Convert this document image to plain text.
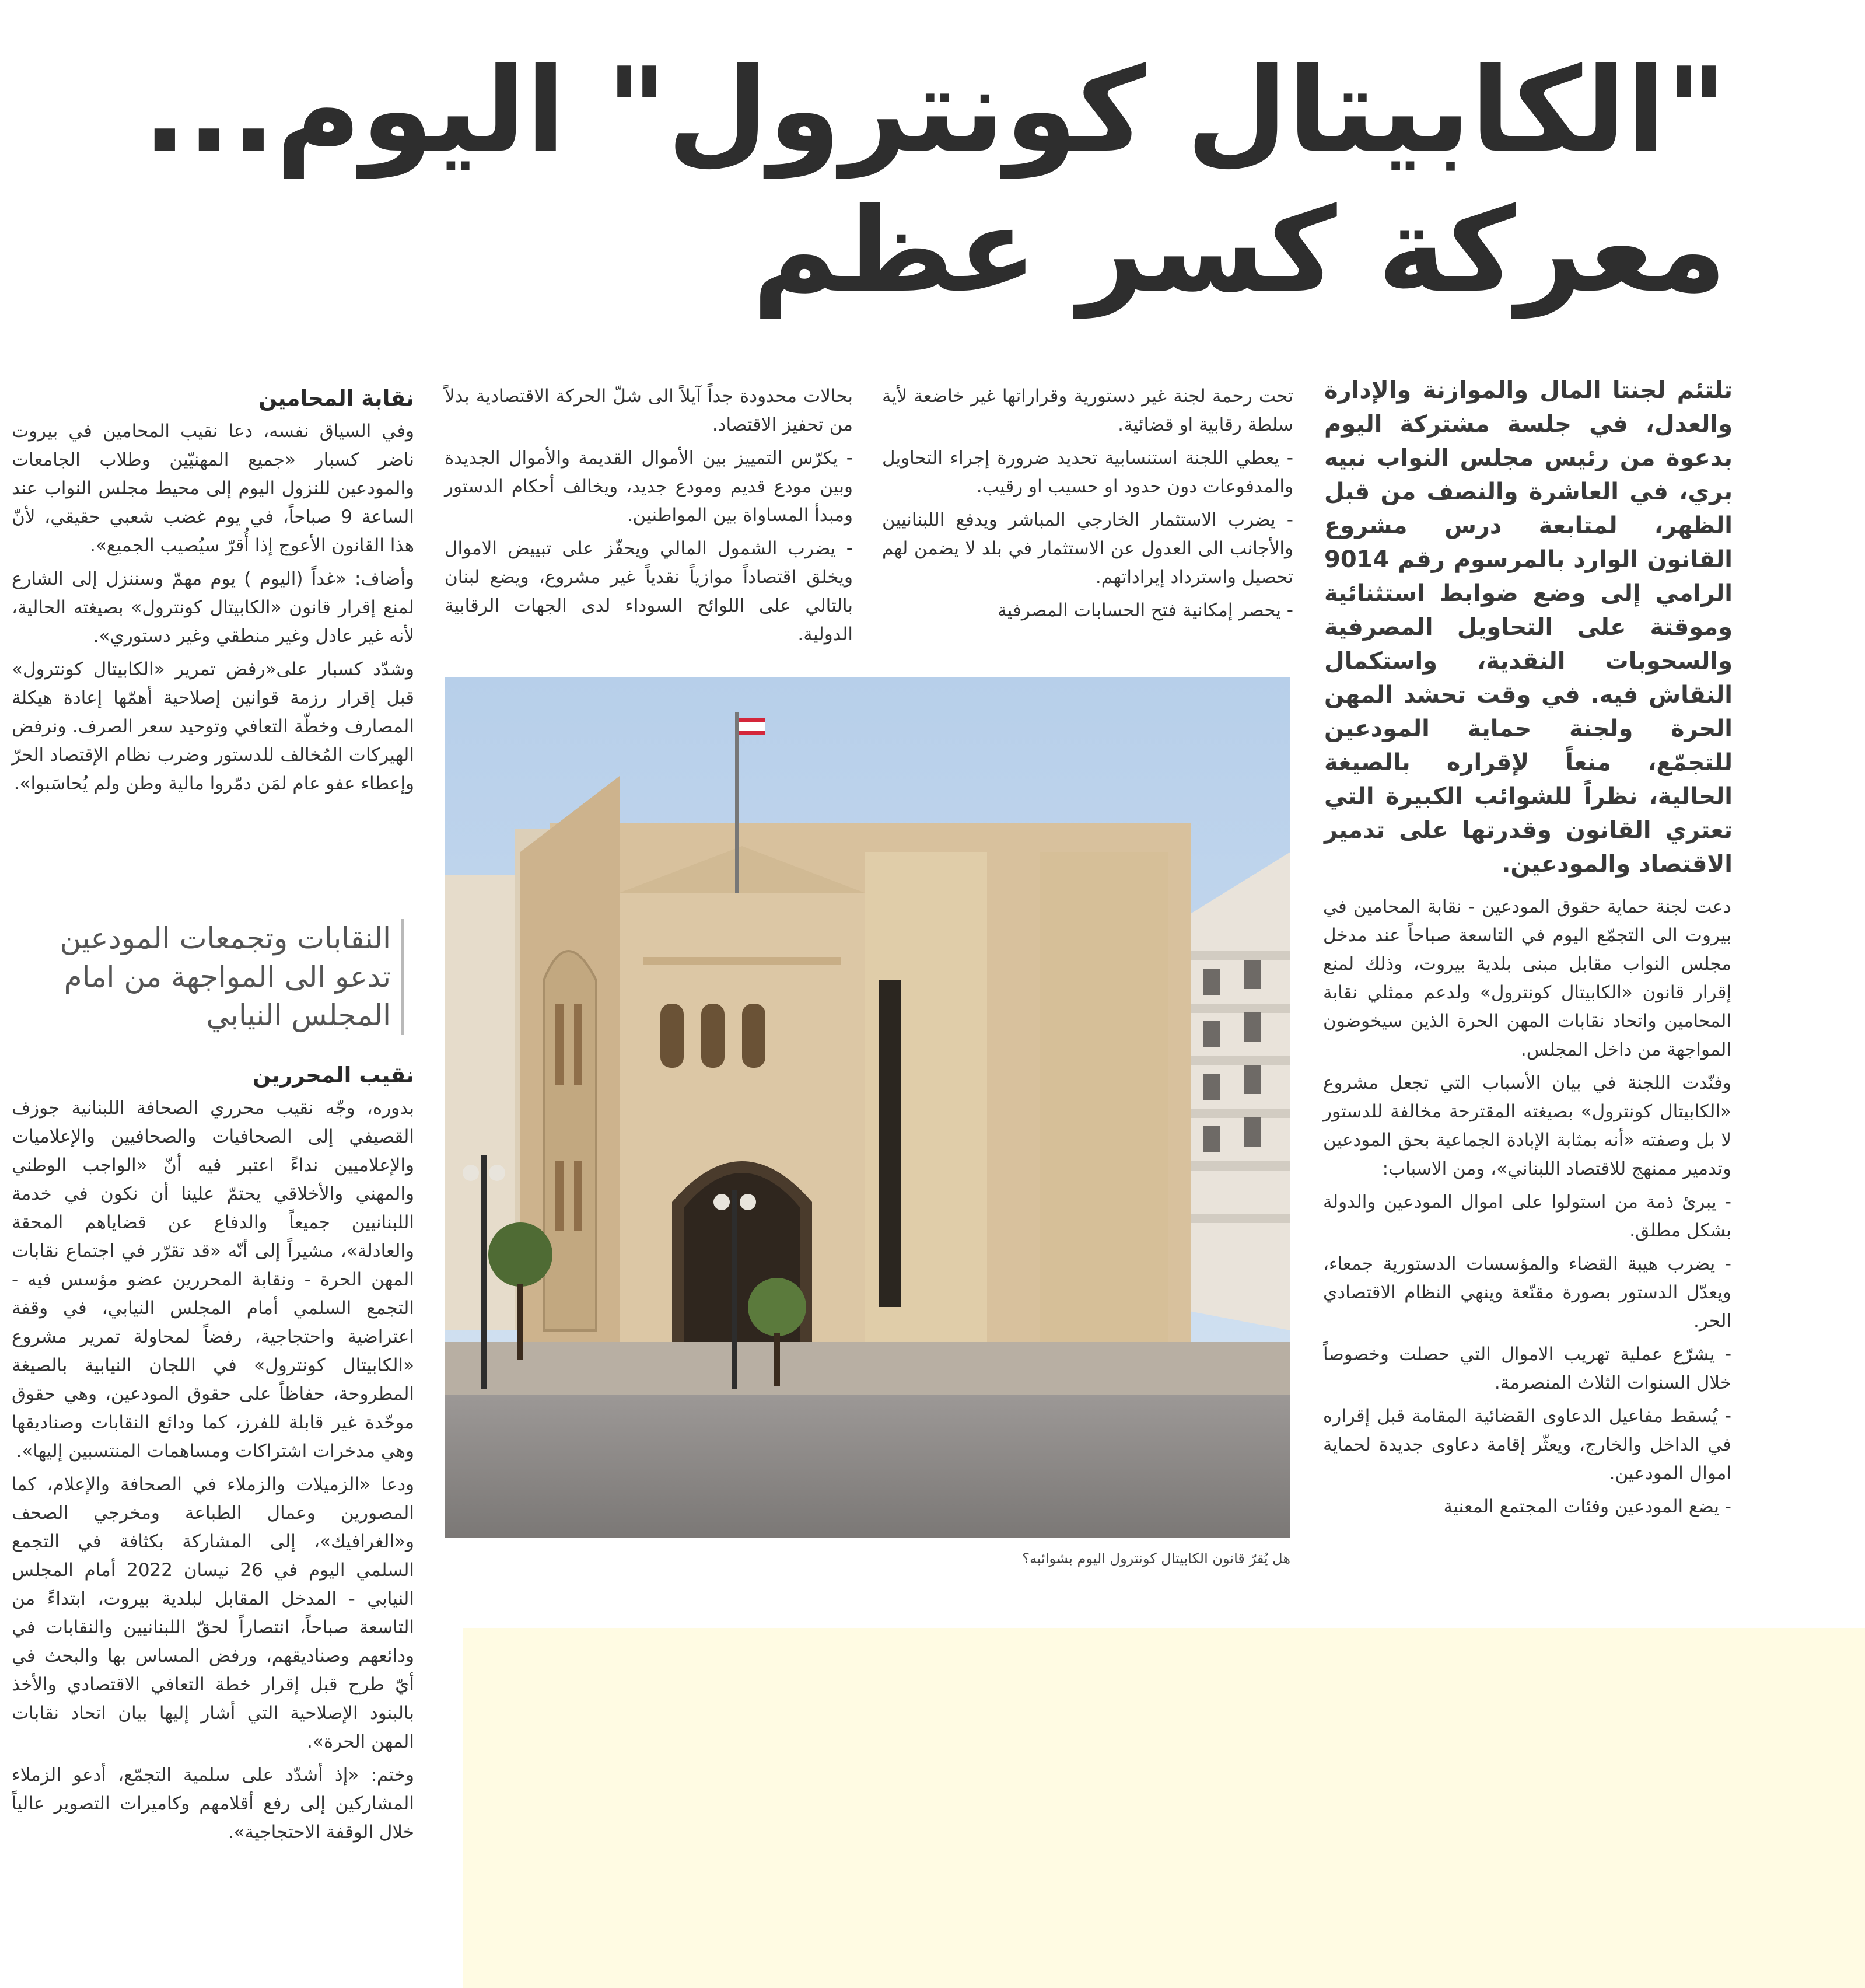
"الكابيتال كونترول" اليوم...
معركة كسر عظم

تلتئم لجنتا المال والموازنة والإدارة والعدل، في جلسة مشتركة اليوم بدعوة من رئيس مجلس النواب نبيه بري، في العاشرة والنصف من قبل الظهر، لمتابعة درس مشروع القانون الوارد بالمرسوم رقم 9014 الرامي إلى وضع ضوابط استثنائية وموقتة على التحاويل المصرفية والسحوبات النقدية، واستكمال النقاش فيه. في وقت تحشد المهن الحرة ولجنة حماية المودعين للتجمّع، منعاً لإقراره بالصيغة الحالية، نظراً للشوائب الكبيرة التي تعتري القانون وقدرتها على تدمير الاقتصاد والمودعين.

دعت لجنة حماية حقوق المودعين - نقابة المحامين في بيروت الى التجمّع اليوم في التاسعة صباحاً عند مدخل مجلس النواب مقابل مبنى بلدية بيروت، وذلك لمنع إقرار قانون «الكابيتال كونترول» ولدعم ممثلي نقابة المحامين واتحاد نقابات المهن الحرة الذين سيخوضون المواجهة من داخل المجلس.

وفنّدت اللجنة في بيان الأسباب التي تجعل مشروع «الكابيتال كونترول» بصيغته المقترحة مخالفة للدستور لا بل وصفته «أنه بمثابة الإبادة الجماعية بحق المودعين وتدمير ممنهج للاقتصاد اللبناني»، ومن الاسباب:

- يبرئ ذمة من استولوا على اموال المودعين والدولة بشكل مطلق.

- يضرب هيبة القضاء والمؤسسات الدستورية جمعاء، ويعدّل الدستور بصورة مقنّعة وينهي النظام الاقتصادي الحر.

- يشرّع عملية تهريب الاموال التي حصلت وخصوصاً خلال السنوات الثلاث المنصرمة.

- يُسقط مفاعيل الدعاوى القضائية المقامة قبل إقراره في الداخل والخارج، ويعثّر إقامة دعاوى جديدة لحماية اموال المودعين.

- يضع المودعين وفئات المجتمع المعنية

تحت رحمة لجنة غير دستورية وقراراتها غير خاضعة لأية سلطة رقابية او قضائية.

- يعطي اللجنة استنسابية تحديد ضرورة إجراء التحاويل والمدفوعات دون حدود او حسيب او رقيب.

- يضرب الاستثمار الخارجي المباشر ويدفع اللبنانيين والأجانب الى العدول عن الاستثمار في بلد لا يضمن لهم تحصيل واسترداد إيراداتهم.

- يحصر إمكانية فتح الحسابات المصرفية

بحالات محدودة جداً آيلاً الى شلّ الحركة الاقتصادية بدلاً من تحفيز الاقتصاد.

- يكرّس التمييز بين الأموال القديمة والأموال الجديدة وبين مودع قديم ومودع جديد، ويخالف أحكام الدستور ومبدأ المساواة بين المواطنين.

- يضرب الشمول المالي ويحفّز على تبييض الاموال ويخلق اقتصاداً موازياً نقدياً غير مشروع، ويضع لبنان بالتالي على اللوائح السوداء لدى الجهات الرقابية الدولية.

نقابة المحامين

وفي السياق نفسه، دعا نقيب المحامين في بيروت ناضر كسبار «جميع المهنيّين وطلاب الجامعات والمودعين للنزول اليوم إلى محيط مجلس النواب عند الساعة 9 صباحاً، في يوم غضب شعبي حقيقي، لأنّ هذا القانون الأعوج إذا أُقرّ سيُصيب الجميع».

وأضاف: «غداً (اليوم ) يوم مهمّ وسننزل إلى الشارع لمنع إقرار قانون «الكابيتال كونترول» بصيغته الحالية، لأنه غير عادل وغير منطقي وغير دستوري».

وشدّد كسبار على«رفض تمرير «الكابيتال كونترول» قبل إقرار رزمة قوانين إصلاحية أهمّها إعادة هيكلة المصارف وخطّة التعافي وتوحيد سعر الصرف. ونرفض الهيركات المُخالف للدستور وضرب نظام الإقتصاد الحرّ وإعطاء عفو عام لمَن دمّروا مالية وطن ولم يُحاسَبوا».

النقابات وتجمعات المودعين
تدعو الى المواجهة من امام
المجلس النيابي
نقيب المحررين

بدوره، وجّه نقيب محرري الصحافة اللبنانية جوزف القصيفي إلى الصحافيات والصحافيين والإعلاميات والإعلاميين نداءً اعتبر فيه أنّ «الواجب الوطني والمهني والأخلاقي يحتمّ علينا أن نكون في خدمة اللبنانيين جميعاً والدفاع عن قضاياهم المحقة والعادلة»، مشيراً إلى أنّه «قد تقرّر في اجتماع نقابات المهن الحرة - ونقابة المحررين عضو مؤسس فيه - التجمع السلمي أمام المجلس النيابي، في وقفة اعتراضية واحتجاجية، رفضاً لمحاولة تمرير مشروع «الكابيتال كونترول» في اللجان النيابية بالصيغة المطروحة، حفاظاً على حقوق المودعين، وهي حقوق موحّدة غير قابلة للفرز، كما ودائع النقابات وصناديقها وهي مدخرات اشتراكات ومساهمات المنتسبين إليها».

ودعا «الزميلات والزملاء في الصحافة والإعلام، كما المصورين وعمال الطباعة ومخرجي الصحف و«الغرافيك»، إلى المشاركة بكثافة في التجمع السلمي اليوم في 26 نيسان 2022 أمام المجلس النيابي - المدخل المقابل لبلدية بيروت، ابتداءً من التاسعة صباحاً، انتصاراً لحقّ اللبنانيين والنقابات في ودائعهم وصناديقهم، ورفض المساس بها والبحث في أيّ طرح قبل إقرار خطة التعافي الاقتصادي والأخذ بالبنود الإصلاحية التي أشار إليها بيان اتحاد نقابات المهن الحرة».

وختم: «إذ أشدّد على سلمية التجمّع، أدعو الزملاء المشاركين إلى رفع أقلامهم وكاميرات التصوير عالياً خلال الوقفة الاحتجاجية».

هل يُقرّ قانون الكابيتال كونترول اليوم بشوائبه؟
